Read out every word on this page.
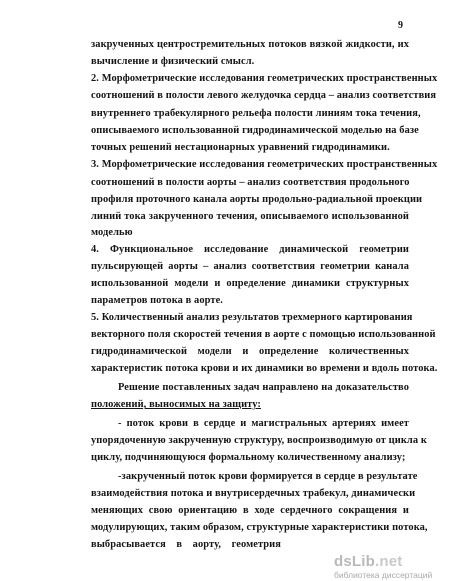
9
закрученных центростремительных потоков вязкой жидкости, их
вычисление и физический смысл.
2. Морфометрические исследования геометрических пространственных
соотношений в полости левого желудочка сердца – анализ соответствия
внутреннего трабекулярного рельефа полости линиям тока течения,
описываемого использованной гидродинамической моделью на базе
точных решений нестационарных уравнений гидродинамики.
3. Морфометрические исследования геометрических пространственных
соотношений в полости аорты – анализ соответствия продольного
профиля проточного канала аорты продольно-радиальной проекции
линий тока закрученного течения, описываемого использованной
моделью
4. Функциональное исследование динамической геометрии
пульсирующей аорты – анализ соответствия геометрии канала
использованной модели и определение динамики структурных
параметров потока в аорте.
5. Количественный анализ результатов трехмерного картирования
векторного поля скоростей течения в аорте с помощью использованной
гидродинамической модели и определение количественных
характеристик потока крови и их динамики во времени и вдоль потока.
Решение поставленных задач направлено на доказательство
положений, выносимых на защиту:
- поток крови в сердце и магистральных артериях имеет
упорядоченную закрученную структуру, воспроизводимую от цикла к
циклу, подчиняющуюся формальному количественному анализу;
-закрученный поток крови формируется в сердце в результате
взаимодействия потока и внутрисердечных трабекул, динамически
меняющих свою ориентацию в ходе сердечного сокращения и
модулирующих, таким образом, структурные характеристики потока,
выбрасывается в аорту, геометрия
dsLib.net
библиотека диссертаций
